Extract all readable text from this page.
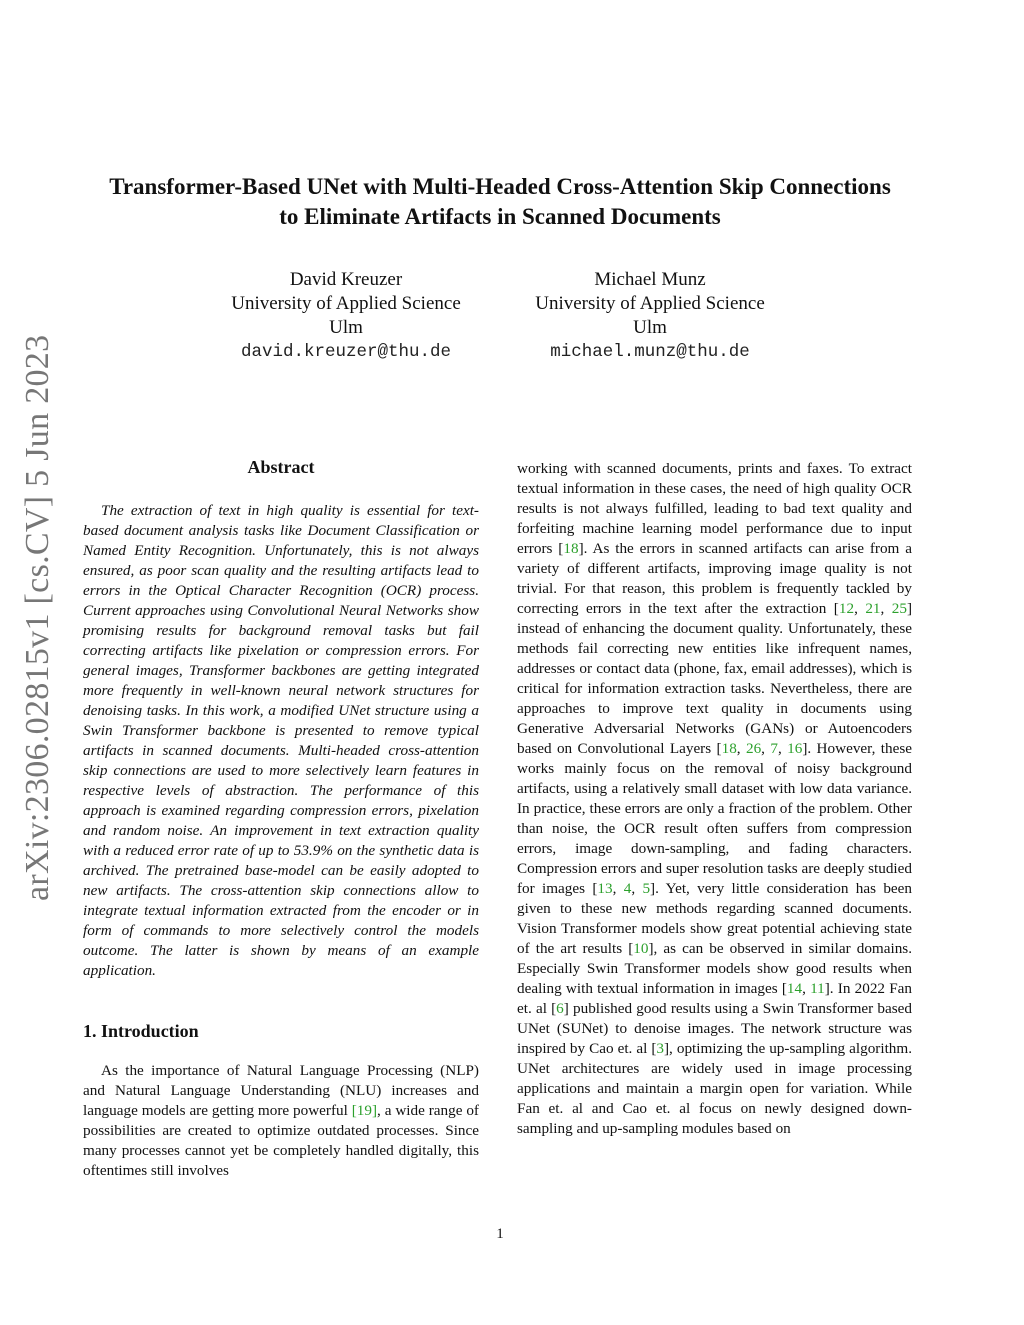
arXiv:2306.02815v1 [cs.CV] 5 Jun 2023
Transformer-Based UNet with Multi-Headed Cross-Attention Skip Connections
to Eliminate Artifacts in Scanned Documents
David Kreuzer
University of Applied Science
Ulm
david.kreuzer@thu.de
Michael Munz
University of Applied Science
Ulm
michael.munz@thu.de
Abstract

The extraction of text in high quality is essential for text-based document analysis tasks like Document Classification or Named Entity Recognition. Unfortunately, this is not always ensured, as poor scan quality and the resulting artifacts lead to errors in the Optical Character Recognition (OCR) process. Current approaches using Convolutional Neural Networks show promising results for background removal tasks but fail correcting artifacts like pixelation or compression errors. For general images, Transformer backbones are getting integrated more frequently in well-known neural network structures for denoising tasks. In this work, a modified UNet structure using a Swin Transformer backbone is presented to remove typical artifacts in scanned documents. Multi-headed cross-attention skip connections are used to more selectively learn features in respective levels of abstraction. The performance of this approach is examined regarding compression errors, pixelation and random noise. An improvement in text extraction quality with a reduced error rate of up to 53.9% on the synthetic data is archived. The pretrained base-model can be easily adopted to new artifacts. The cross-attention skip connections allow to integrate textual information extracted from the encoder or in form of commands to more selectively control the models outcome. The latter is shown by means of an example application.

1. Introduction

As the importance of Natural Language Processing (NLP) and Natural Language Understanding (NLU) increases and language models are getting more powerful [19], a wide range of possibilities are created to optimize outdated processes. Since many processes cannot yet be completely handled digitally, this oftentimes still involves

working with scanned documents, prints and faxes. To extract textual information in these cases, the need of high quality OCR results is not always fulfilled, leading to bad text quality and forfeiting machine learning model performance due to input errors [18]. As the errors in scanned artifacts can arise from a variety of different artifacts, improving image quality is not trivial. For that reason, this problem is frequently tackled by correcting errors in the text after the extraction [12, 21, 25] instead of enhancing the document quality. Unfortunately, these methods fail correcting new entities like infrequent names, addresses or contact data (phone, fax, email addresses), which is critical for information extraction tasks. Nevertheless, there are approaches to improve text quality in documents using Generative Adversarial Networks (GANs) or Autoencoders based on Convolutional Layers [18, 26, 7, 16]. However, these works mainly focus on the removal of noisy background artifacts, using a relatively small dataset with low data variance. In practice, these errors are only a fraction of the problem. Other than noise, the OCR result often suffers from compression errors, image down-sampling, and fading characters. Compression errors and super resolution tasks are deeply studied for images [13, 4, 5]. Yet, very little consideration has been given to these new methods regarding scanned documents. Vision Transformer models show great potential achieving state of the art results [10], as can be observed in similar domains. Especially Swin Transformer models show good results when dealing with textual information in images [14, 11]. In 2022 Fan et. al [6] published good results using a Swin Transformer based UNet (SUNet) to denoise images. The network structure was inspired by Cao et. al [3], optimizing the up-sampling algorithm. UNet architectures are widely used in image processing applications and maintain a margin open for variation. While Fan et. al and Cao et. al focus on newly designed down-sampling and up-sampling modules based on

1
